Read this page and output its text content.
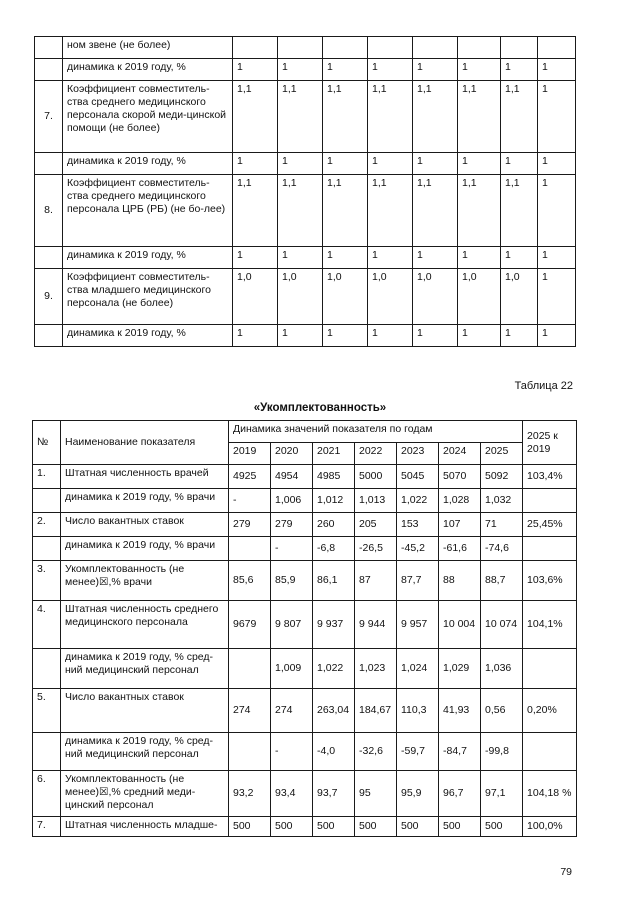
	ном звене (не более)								
	динамика к 2019 году, %	1	1	1	1	1	1	1	1
7.	Коэффициент совместитель-ства среднего медицинского персонала скорой меди-цинской помощи (не более)	1,1	1,1	1,1	1,1	1,1	1,1	1,1	1
	динамика к 2019 году, %	1	1	1	1	1	1	1	1
8.	Коэффициент совместитель-ства среднего медицинского персонала ЦРБ (РБ) (не бо-лее)	1,1	1,1	1,1	1,1	1,1	1,1	1,1	1
	динамика к 2019 году, %	1	1	1	1	1	1	1	1
9.	Коэффициент совместитель-ства младшего медицинского персонала (не более)	1,0	1,0	1,0	1,0	1,0	1,0	1,0	1
	динамика к 2019 году, %	1	1	1	1	1	1	1	1
Таблица 22
«Укомплектованность»
№	Наименование показателя	Динамика значений показателя по годам							2025 к 2019
		2019	2020	2021	2022	2023	2024	2025	
1.	Штатная численность врачей	4925	4954	4985	5000	5045	5070	5092	103,4%
	динамика к 2019 году, % врачи	-	1,006	1,012	1,013	1,022	1,028	1,032	
2.	Число вакантных ставок	279	279	260	205	153	107	71	25,45%
	динамика к 2019 году, % врачи		-	-6,8	-26,5	-45,2	-61,6	-74,6	
3.	Укомплектованность (не менее)☒,% врачи	85,6	85,9	86,1	87	87,7	88	88,7	103,6%
4.	Штатная численность среднего медицинского персонала	9679	9 807	9 937	9 944	9 957	10 004	10 074	104,1%
	динамика к 2019 году, % сред-ний медицинский персонал		1,009	1,022	1,023	1,024	1,029	1,036	
5.	Число вакантных ставок	274	274	263,04	184,67	110,3	41,93	0,56	0,20%
	динамика к 2019 году, % сред-ний медицинский персонал		-	-4,0	-32,6	-59,7	-84,7	-99,8	
6.	Укомплектованность (не менее)☒,% средний меди-цинский персонал	93,2	93,4	93,7	95	95,9	96,7	97,1	104,18 %
7.	Штатная численность младше-	500	500	500	500	500	500	500	100,0%
79
